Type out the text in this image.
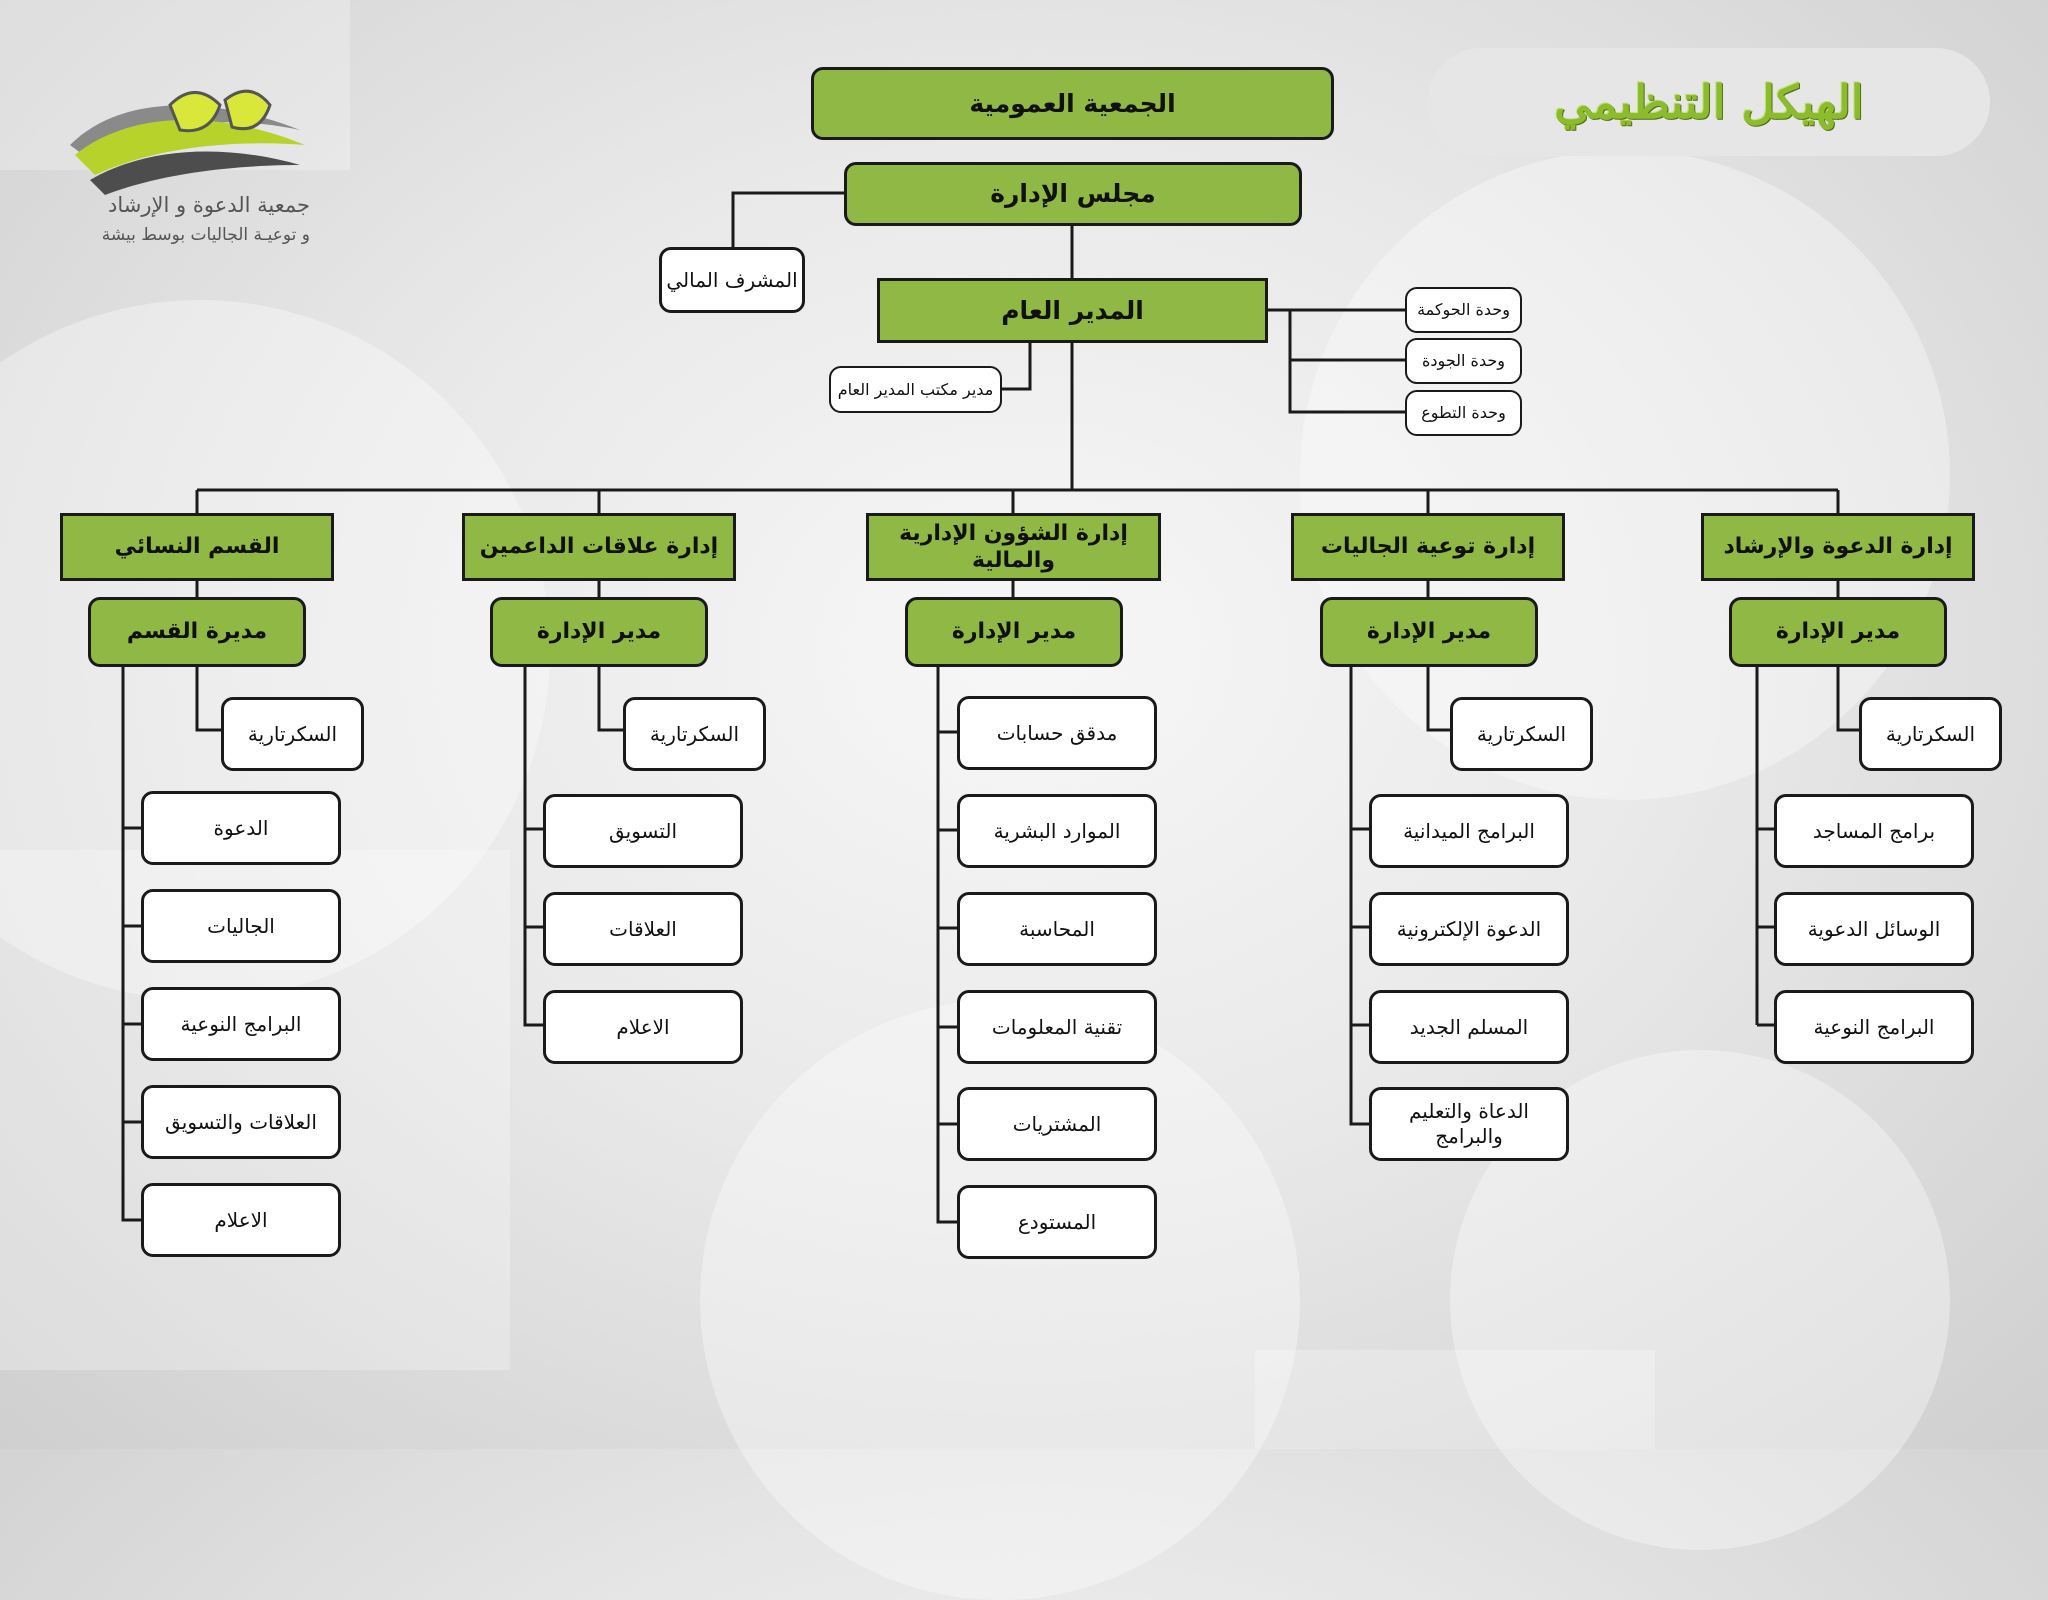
الهيكل التنظيمي
جمعية الدعوة و الإرشاد
و توعيـة الجاليات بوسط بيشة
الجمعية العمومية
مجلس الإدارة
المشرف المالي
المدير العام
مدير مكتب المدير العام
وحدة الحوكمة
وحدة الجودة
وحدة التطوع
إدارة الدعوة والإرشاد
إدارة توعية الجاليات
إدارة الشؤون الإدارية والمالية
إدارة علاقات الداعمين
القسم النسائي
مدير الإدارة
مدير الإدارة
مدير الإدارة
مدير الإدارة
مديرة القسم
السكرتارية
السكرتارية
السكرتارية
السكرتارية
برامج المساجد
الوسائل الدعوية
البرامج النوعية
البرامج الميدانية
الدعوة الإلكترونية
المسلم الجديد
الدعاة والتعليم والبرامج
مدقق حسابات
الموارد البشرية
المحاسبة
تقنية المعلومات
المشتريات
المستودع
التسويق
العلاقات
الاعلام
الدعوة
الجاليات
البرامج النوعية
العلاقات والتسويق
الاعلام
